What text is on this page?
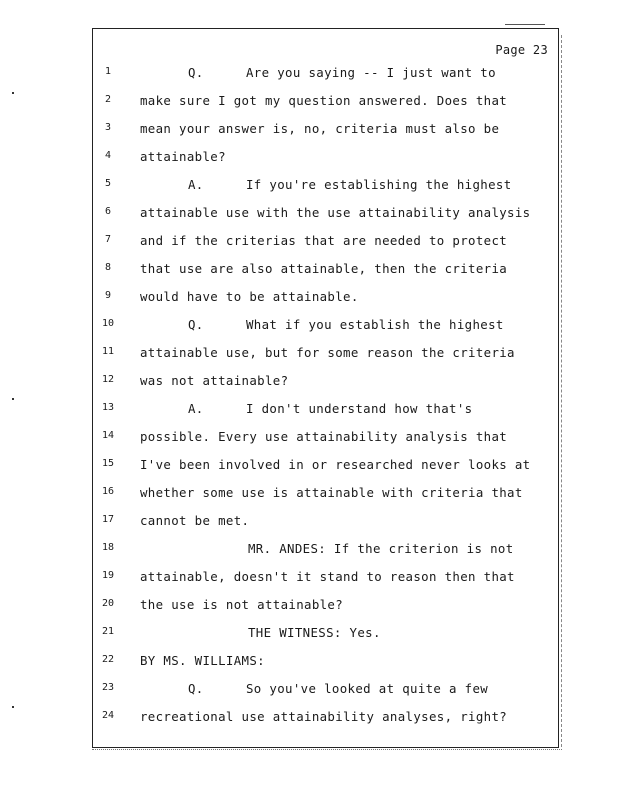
Page 23
1	Q.	Are you saying -- I just want to
2	make sure I got my question answered. Does that
3	mean your answer is, no, criteria must also be
4	attainable?
5	A.	If you're establishing the highest
6	attainable use with the use attainability analysis
7	and if the criterias that are needed to protect
8	that use are also attainable, then the criteria
9	would have to be attainable.
10	Q.	What if you establish the highest
11	attainable use, but for some reason the criteria
12	was not attainable?
13	A.	I don't understand how that's
14	possible. Every use attainability analysis that
15	I've been involved in or researched never looks at
16	whether some use is attainable with criteria that
17	cannot be met.
18	MR. ANDES: If the criterion is not
19	attainable, doesn't it stand to reason then that
20	the use is not attainable?
21	THE WITNESS: Yes.
22	BY MS. WILLIAMS:
23	Q.	So you've looked at quite a few
24	recreational use attainability analyses, right?
